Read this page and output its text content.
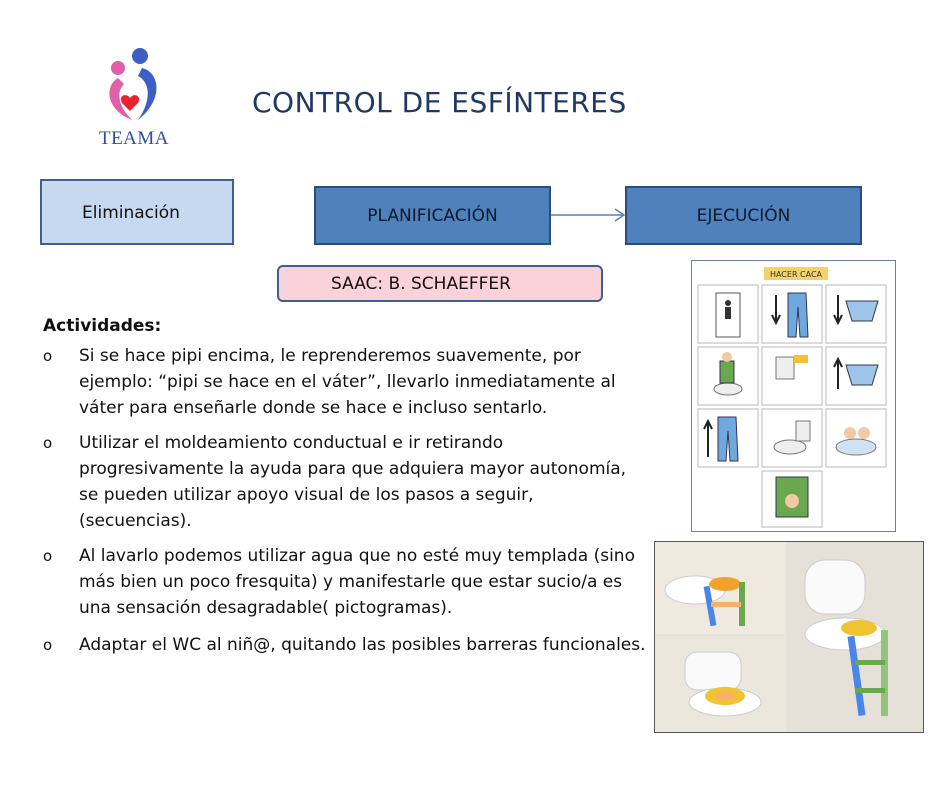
TEAMA
CONTROL DE ESFÍNTERES
Eliminación	PLANIFICACIÓN	EJECUCIÓN
SAAC: B. SCHAEFFER
Actividades:
o Si se hace pipi encima, le reprenderemos suavemente, por ejemplo: “pipi se hace en el váter”, llevarlo inmediatamente al váter para enseñarle donde se hace e incluso sentarlo.
o Utilizar el moldeamiento conductual e ir retirando progresivamente la ayuda para que adquiera mayor autonomía, se pueden utilizar apoyo visual de los pasos a seguir, (secuencias).
o Al lavarlo podemos utilizar agua que no esté muy templada (sino más bien un poco fresquita) y manifestarle que estar sucio/a es una sensación desagradable( pictogramas).
o Adaptar el WC al niñ@, quitando las posibles barreras funcionales.
HACER CACA
